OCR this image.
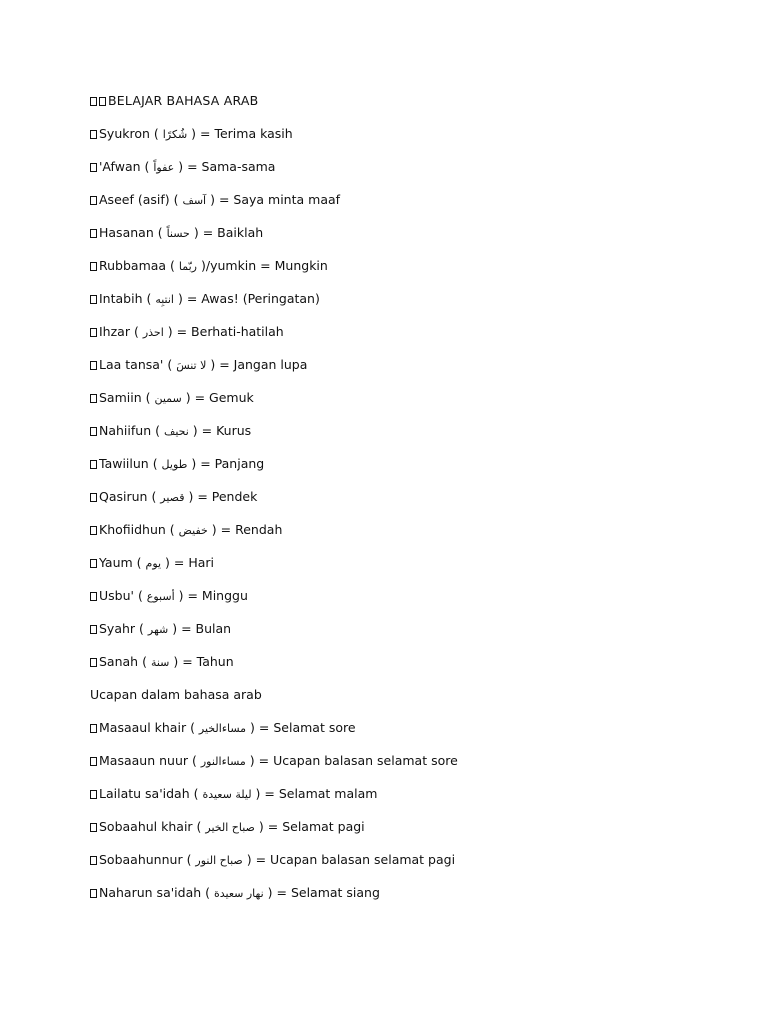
BELAJAR BAHASA ARAB
Syukron ( شُكرًا ) = Terima kasih
'Afwan ( عفواً ) = Sama-sama
Aseef (asif) ( آسف ) = Saya minta maaf
Hasanan ( حسناً ) = Baiklah
Rubbamaa ( ربّما )/yumkin = Mungkin
Intabih ( انتبِه ) = Awas! (Peringatan)
Ihzar ( احذر ) = Berhati-hatilah
Laa tansa' ( لا تنسَ ) = Jangan lupa
Samiin ( سمين ) = Gemuk
Nahiifun ( نحيف ) = Kurus
Tawiilun ( طويل ) = Panjang
Qasirun ( قصير ) = Pendek
Khofiidhun ( خفيض ) = Rendah
Yaum ( يوم ) = Hari
Usbu' ( أسبوع ) = Minggu
Syahr ( شهر ) = Bulan
Sanah ( سنة ) = Tahun
Ucapan dalam bahasa arab
Masaaul khair ( مساءالخير ) = Selamat sore
Masaaun nuur ( مساءالنور ) = Ucapan balasan selamat sore
Lailatu sa'idah ( ليلة سعيدة ) = Selamat malam
Sobaahul khair ( صباح الخير ) = Selamat pagi
Sobaahunnur ( صباح النور ) = Ucapan balasan selamat pagi
Naharun sa'idah ( نهار سعيدة ) = Selamat siang
